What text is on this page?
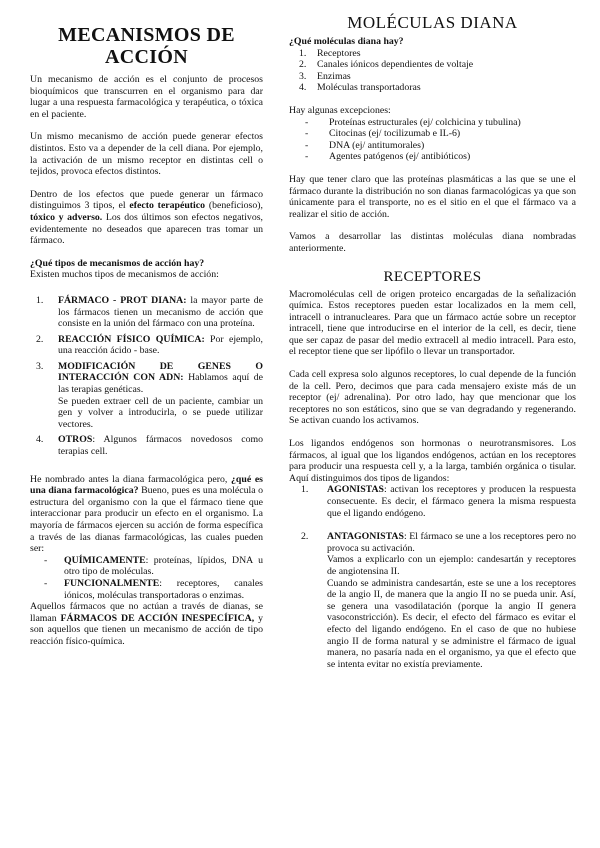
MECANISMOS DE ACCIÓN

Un mecanismo de acción es el conjunto de procesos bioquímicos que transcurren en el organismo para dar lugar a una respuesta farmacológica y terapéutica, o tóxica en el paciente.

Un mismo mecanismo de acción puede generar efectos distintos. Esto va a depender de la cell diana. Por ejemplo, la activación de un mismo receptor en distintas cell o tejidos, provoca efectos distintos.

Dentro de los efectos que puede generar un fármaco distinguimos 3 tipos, el efecto terapéutico (beneficioso), tóxico y adverso. Los dos últimos son efectos negativos, evidentemente no deseados que aparecen tras tomar un fármaco.

¿Qué tipos de mecanismos de acción hay?

Existen muchos tipos de mecanismos de acción:

1. FÁRMACO - PROT DIANA: la mayor parte de los fármacos tienen un mecanismo de acción que consiste en la unión del fármaco con una proteína.
2. REACCIÓN FÍSICO QUÍMICA: Por ejemplo, una reacción ácido - base.
3. MODIFICACIÓN DE GENES O INTERACCIÓN CON ADN: Hablamos aquí de las terapias genéticas.
Se pueden extraer cell de un paciente, cambiar un gen y volver a introducirla, o se puede utilizar vectores.
4. OTROS: Algunos fármacos novedosos como terapias cell.

He nombrado antes la diana farmacológica pero, ¿qué es una diana farmacológica? Bueno, pues es una molécula o estructura del organismo con la que el fármaco tiene que interaccionar para producir un efecto en el organismo. La mayoría de fármacos ejercen su acción de forma específica a través de las dianas farmacológicas, las cuales pueden ser:

- QUÍMICAMENTE: proteínas, lípidos, DNA u otro tipo de moléculas.
- FUNCIONALMENTE: receptores, canales iónicos, moléculas transportadoras o enzimas.

Aquellos fármacos que no actúan a través de dianas, se llaman FÁRMACOS DE ACCIÓN INESPECÍFICA, y son aquellos que tienen un mecanismo de acción de tipo reacción físico-química.

MOLÉCULAS DIANA

¿Qué moléculas diana hay?

1. Receptores
2. Canales iónicos dependientes de voltaje
3. Enzimas
4. Moléculas transportadoras

Hay algunas excepciones:

- Proteínas estructurales (ej/ colchicina y tubulina)
- Citocinas (ej/ tocilizumab e IL-6)
- DNA (ej/ antitumorales)
- Agentes patógenos (ej/ antibióticos)

Hay que tener claro que las proteínas plasmáticas a las que se une el fármaco durante la distribución no son dianas farmacológicas ya que son únicamente para el transporte, no es el sitio en el que el fármaco va a realizar el sitio de acción.

Vamos a desarrollar las distintas moléculas diana nombradas anteriormente.

RECEPTORES

Macromoléculas cell de origen proteico encargadas de la señalización química. Estos receptores pueden estar localizados en la mem cell, intracell o intranucleares. Para que un fármaco actúe sobre un receptor intracell, tiene que introducirse en el interior de la cell, es decir, tiene que ser capaz de pasar del medio extracell al medio intracell. Para esto, el receptor tiene que ser lipófilo o llevar un transportador.

Cada cell expresa solo algunos receptores, lo cual depende de la función de la cell. Pero, decimos que para cada mensajero existe más de un receptor (ej/ adrenalina). Por otro lado, hay que mencionar que los receptores no son estáticos, sino que se van degradando y regenerando. Se activan cuando los activamos.

Los ligandos endógenos son hormonas o neurotransmisores. Los fármacos, al igual que los ligandos endógenos, actúan en los receptores para producir una respuesta cell y, a la larga, también orgánica o tisular. Aquí distinguimos dos tipos de ligandos:

1. AGONISTAS: activan los receptores y producen la respuesta consecuente. Es decir, el fármaco genera la misma respuesta que el ligando endógeno.
2. ANTAGONISTAS: El fármaco se une a los receptores pero no provoca su activación.
Vamos a explicarlo con un ejemplo: candesartán y receptores de angiotensina II.
Cuando se administra candesartán, este se une a los receptores de la angio II, de manera que la angio II no se pueda unir. Así, se genera una vasodilatación (porque la angio II genera vasoconstricción). Es decir, el efecto del fármaco es evitar el efecto del ligando endógeno. En el caso de que no hubiese angio II de forma natural y se administre el fármaco de igual manera, no pasaría nada en el organismo, ya que el efecto que se intenta evitar no existía previamente.
